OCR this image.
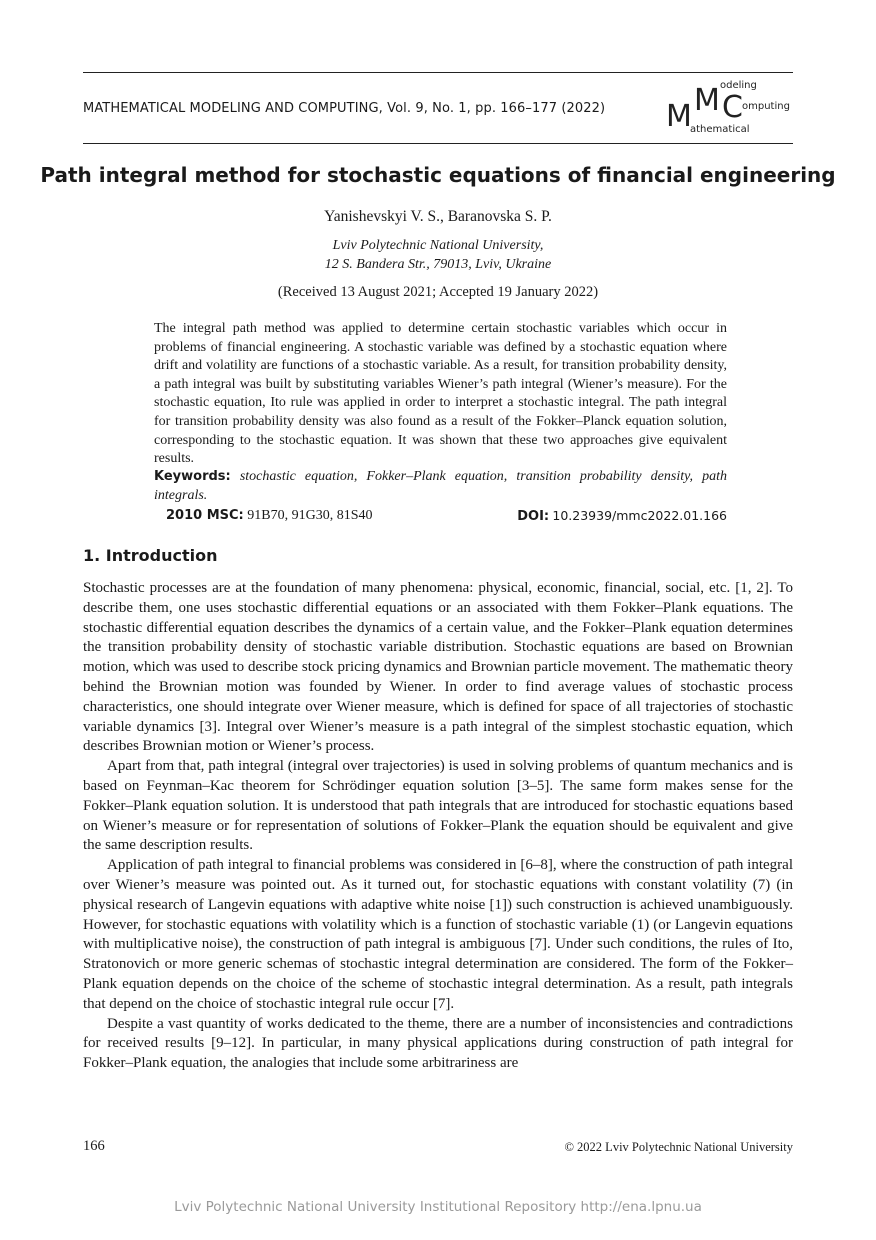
MATHEMATICAL MODELING AND COMPUTING, Vol. 9, No. 1, pp. 166–177 (2022) M M C
odeling
omputing
athematical
Path integral method for stochastic equations of financial engineering
Yanishevskyi V. S., Baranovska S. P.
Lviv Polytechnic National University,
12 S. Bandera Str., 79013, Lviv, Ukraine
(Received 13 August 2021; Accepted 19 January 2022)
The integral path method was applied to determine certain stochastic variables which occur in problems of financial engineering. A stochastic variable was defined by a stochastic equation where drift and volatility are functions of a stochastic variable. As a result, for transition probability density, a path integral was built by substituting variables Wiener’s path integral (Wiener’s measure). For the stochastic equation, Ito rule was applied in order to interpret a stochastic integral. The path integral for transition probability density was also found as a result of the Fokker–Planck equation solution, corresponding to the stochastic equation. It was shown that these two approaches give equivalent results.
Keywords: stochastic equation, Fokker–Plank equation, transition probability density, path integrals.
2010 MSC: 91B70, 91G30, 81S40	DOI: 10.23939/mmc2022.01.166
1. Introduction

Stochastic processes are at the foundation of many phenomena: physical, economic, financial, social, etc. [1, 2]. To describe them, one uses stochastic differential equations or an associated with them Fokker–Plank equations. The stochastic differential equation describes the dynamics of a certain value, and the Fokker–Plank equation determines the transition probability density of stochastic variable distribution. Stochastic equations are based on Brownian motion, which was used to describe stock pricing dynamics and Brownian particle movement. The mathematic theory behind the Brownian motion was founded by Wiener. In order to find average values of stochastic process characteristics, one should integrate over Wiener measure, which is defined for space of all trajectories of stochastic variable dynamics [3]. Integral over Wiener’s measure is a path integral of the simplest stochastic equation, which describes Brownian motion or Wiener’s process.

Apart from that, path integral (integral over trajectories) is used in solving problems of quantum mechanics and is based on Feynman–Kac theorem for Schrödinger equation solution [3–5]. The same form makes sense for the Fokker–Plank equation solution. It is understood that path integrals that are introduced for stochastic equations based on Wiener’s measure or for representation of solutions of Fokker–Plank the equation should be equivalent and give the same description results.

Application of path integral to financial problems was considered in [6–8], where the construction of path integral over Wiener’s measure was pointed out. As it turned out, for stochastic equations with constant volatility (7) (in physical research of Langevin equations with adaptive white noise [1]) such construction is achieved unambiguously. However, for stochastic equations with volatility which is a function of stochastic variable (1) (or Langevin equations with multiplicative noise), the construction of path integral is ambiguous [7]. Under such conditions, the rules of Ito, Stratonovich or more generic schemas of stochastic integral determination are considered. The form of the Fokker–Plank equation depends on the choice of the scheme of stochastic integral determination. As a result, path integrals that depend on the choice of stochastic integral rule occur [7].

Despite a vast quantity of works dedicated to the theme, there are a number of inconsistencies and contradictions for received results [9–12]. In particular, in many physical applications during construction of path integral for Fokker–Plank equation, the analogies that include some arbitrariness are

166	© 2022 Lviv Polytechnic National University
Lviv Polytechnic National University Institutional Repository http://ena.lpnu.ua
